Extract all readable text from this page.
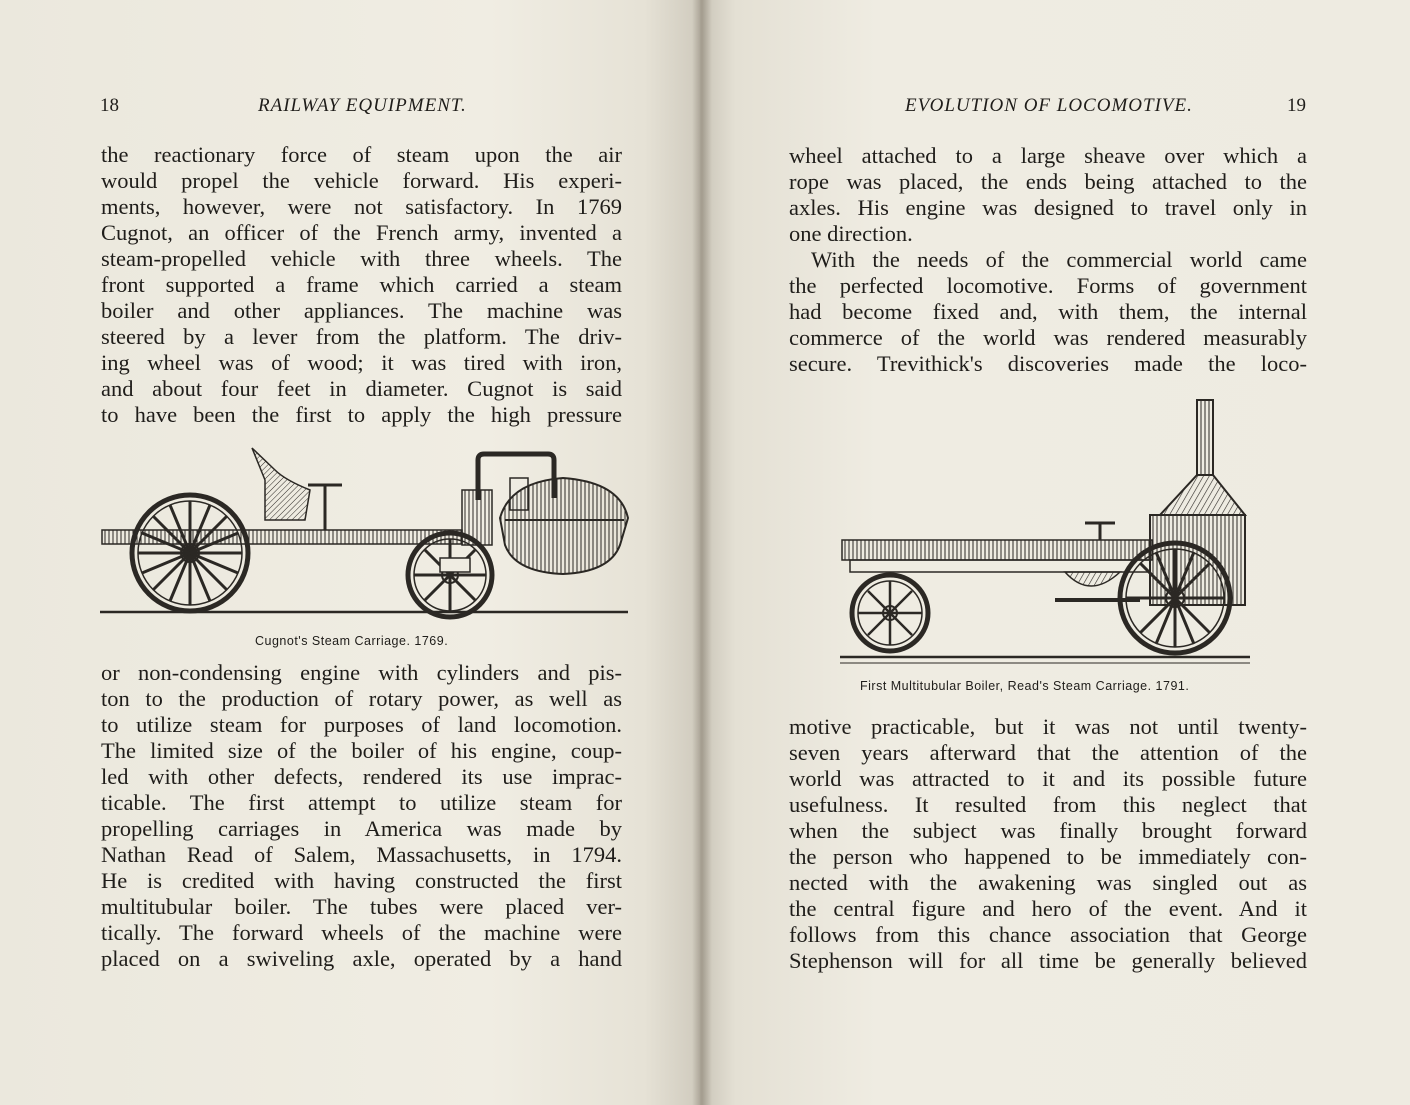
18	RAILWAY EQUIPMENT.
the reactionary force of steam upon the air
would propel the vehicle forward. His experi-
ments, however, were not satisfactory. In 1769
Cugnot, an officer of the French army, invented a
steam-propelled vehicle with three wheels. The
front supported a frame which carried a steam
boiler and other appliances. The machine was
steered by a lever from the platform. The driv-
ing wheel was of wood; it was tired with iron,
and about four feet in diameter. Cugnot is said
to have been the first to apply the high pressure
Cugnot's Steam Carriage. 1769.
or non-condensing engine with cylinders and pis-
ton to the production of rotary power, as well as
to utilize steam for purposes of land locomotion.
The limited size of the boiler of his engine, coup-
led with other defects, rendered its use imprac-
ticable. The first attempt to utilize steam for
propelling carriages in America was made by
Nathan Read of Salem, Massachusetts, in 1794.
He is credited with having constructed the first
multitubular boiler. The tubes were placed ver-
tically. The forward wheels of the machine were
placed on a swiveling axle, operated by a hand
EVOLUTION OF LOCOMOTIVE.	19
wheel attached to a large sheave over which a
rope was placed, the ends being attached to the
axles. His engine was designed to travel only in
one direction.
With the needs of the commercial world came
the perfected locomotive. Forms of government
had become fixed and, with them, the internal
commerce of the world was rendered measurably
secure. Trevithick's discoveries made the loco-
First Multitubular Boiler, Read's Steam Carriage. 1791.
motive practicable, but it was not until twenty-
seven years afterward that the attention of the
world was attracted to it and its possible future
usefulness. It resulted from this neglect that
when the subject was finally brought forward
the person who happened to be immediately con-
nected with the awakening was singled out as
the central figure and hero of the event. And it
follows from this chance association that George
Stephenson will for all time be generally believed
